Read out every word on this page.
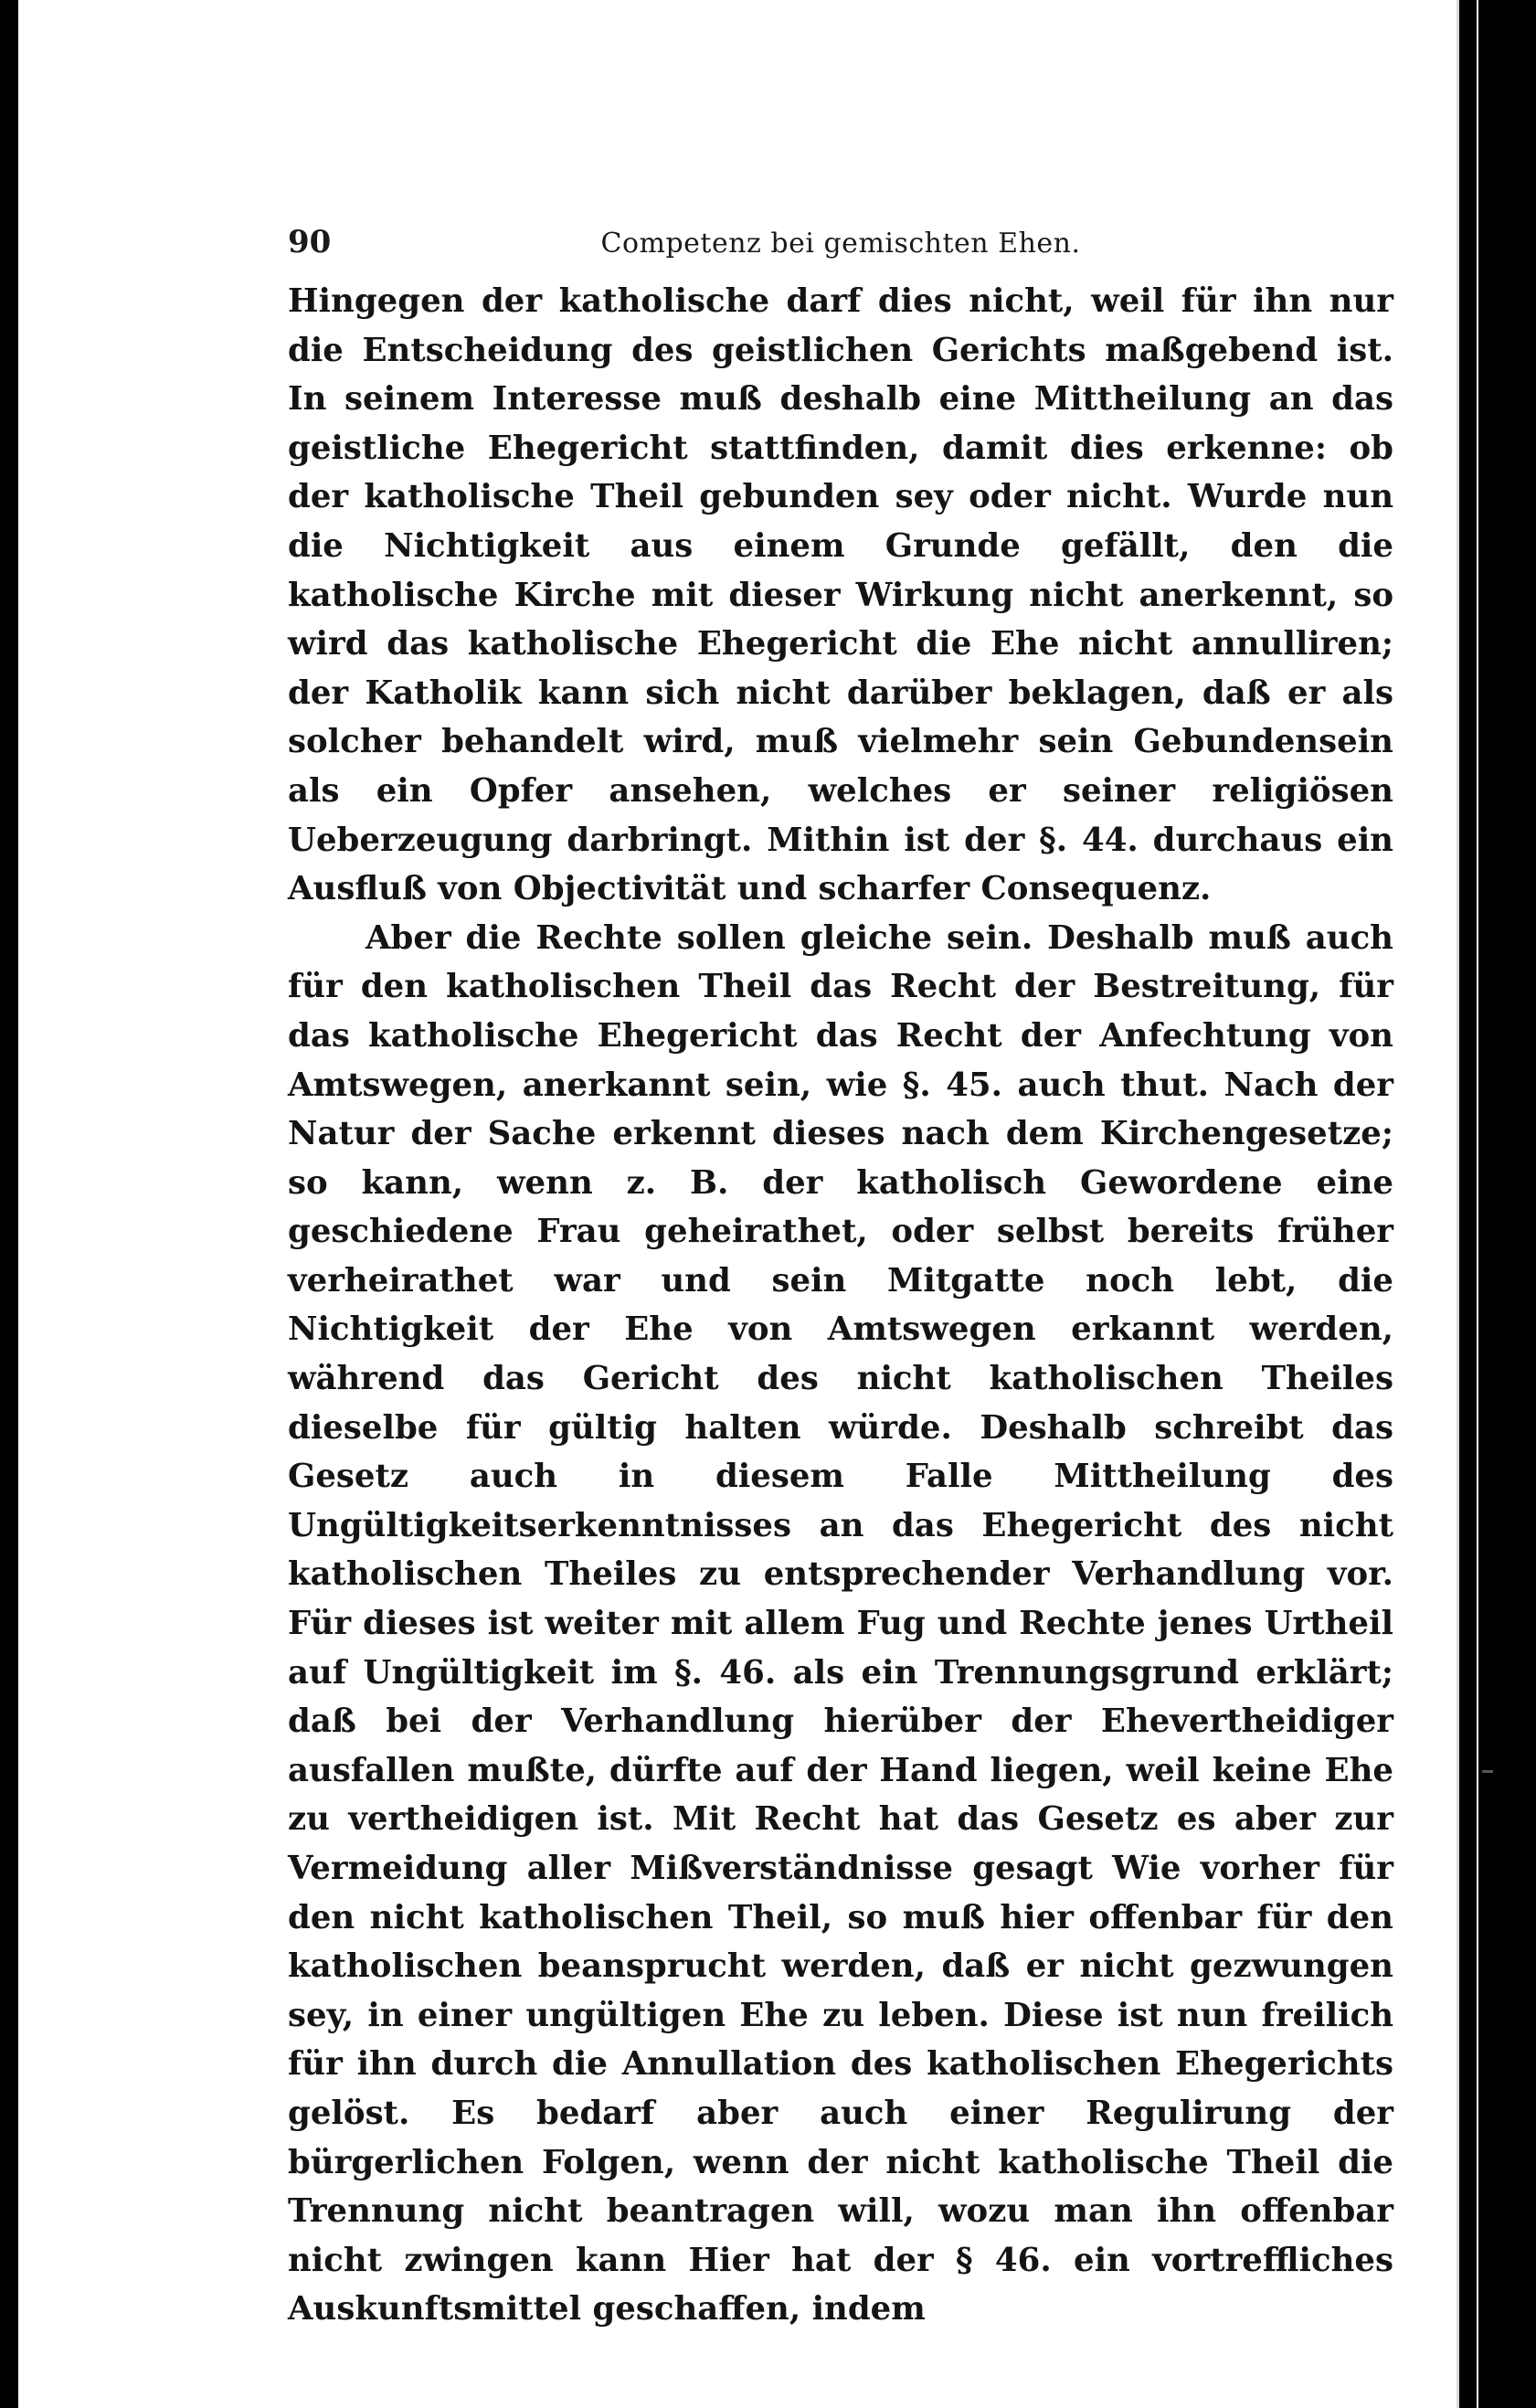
90	Competenz bei gemischten Ehen.

Hingegen der katholische darf dies nicht, weil für ihn nur die Entscheidung des geistlichen Gerichts maßgebend ist. In seinem Interesse muß deshalb eine Mittheilung an das geistliche Ehegericht stattfinden, damit dies erkenne: ob der katholische Theil gebunden sey oder nicht. Wurde nun die Nichtigkeit aus einem Grunde gefällt, den die katholische Kirche mit dieser Wirkung nicht anerkennt, so wird das katholische Ehegericht die Ehe nicht annulliren; der Katholik kann sich nicht darüber beklagen, daß er als solcher behandelt wird, muß vielmehr sein Gebundensein als ein Opfer ansehen, welches er seiner religiösen Ueberzeugung darbringt. Mithin ist der §. 44. durchaus ein Ausfluß von Objectivität und scharfer Consequenz.

Aber die Rechte sollen gleiche sein. Deshalb muß auch für den katholischen Theil das Recht der Bestreitung, für das katholische Ehegericht das Recht der Anfechtung von Amtswegen, anerkannt sein, wie §. 45. auch thut. Nach der Natur der Sache erkennt dieses nach dem Kirchengesetze; so kann, wenn z. B. der katholisch Gewordene eine geschiedene Frau geheirathet, oder selbst bereits früher verheirathet war und sein Mitgatte noch lebt, die Nichtigkeit der Ehe von Amtswegen erkannt werden, während das Gericht des nicht katholischen Theiles dieselbe für gültig halten würde. Deshalb schreibt das Gesetz auch in diesem Falle Mittheilung des Ungültigkeitserkenntnisses an das Ehegericht des nicht katholischen Theiles zu entsprechender Verhandlung vor. Für dieses ist weiter mit allem Fug und Rechte jenes Urtheil auf Ungültigkeit im §. 46. als ein Trennungsgrund erklärt; daß bei der Verhandlung hierüber der Ehevertheidiger ausfallen mußte, dürfte auf der Hand liegen, weil keine Ehe zu vertheidigen ist. Mit Recht hat das Gesetz es aber zur Vermeidung aller Mißverständnisse gesagt Wie vorher für den nicht katholischen Theil, so muß hier offenbar für den katholischen beansprucht werden, daß er nicht gezwungen sey, in einer ungültigen Ehe zu leben. Diese ist nun freilich für ihn durch die Annullation des katholischen Ehegerichts gelöst. Es bedarf aber auch einer Regulirung der bürgerlichen Folgen, wenn der nicht katholische Theil die Trennung nicht beantragen will, wozu man ihn offenbar nicht zwingen kann Hier hat der § 46. ein vortreffliches Auskunftsmittel geschaffen, indem
